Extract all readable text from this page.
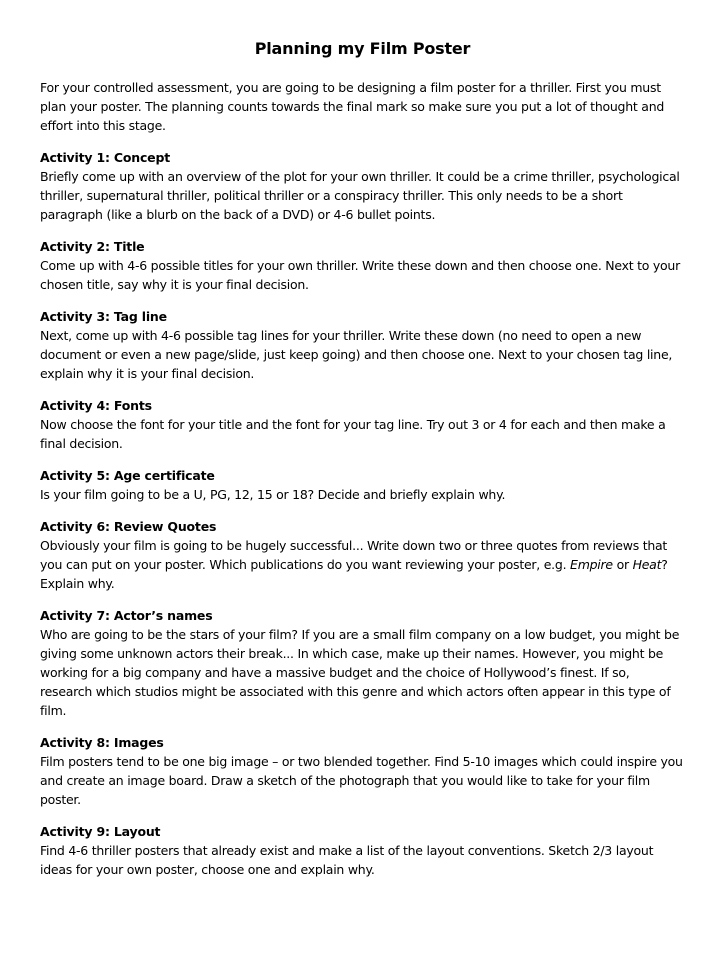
Planning my Film Poster

For your controlled assessment, you are going to be designing a film poster for a thriller. First you must plan your poster. The planning counts towards the final mark so make sure you put a lot of thought and effort into this stage.

Activity 1: Concept

Briefly come up with an overview of the plot for your own thriller. It could be a crime thriller, psychological thriller, supernatural thriller, political thriller or a conspiracy thriller. This only needs to be a short paragraph (like a blurb on the back of a DVD) or 4-6 bullet points.

Activity 2: Title

Come up with 4-6 possible titles for your own thriller. Write these down and then choose one. Next to your chosen title, say why it is your final decision.

Activity 3: Tag line

Next, come up with 4-6 possible tag lines for your thriller. Write these down (no need to open a new document or even a new page/slide, just keep going) and then choose one. Next to your chosen tag line, explain why it is your final decision.

Activity 4: Fonts

Now choose the font for your title and the font for your tag line. Try out 3 or 4 for each and then make a final decision.

Activity 5: Age certificate

Is your film going to be a U, PG, 12, 15 or 18? Decide and briefly explain why.

Activity 6: Review Quotes

Obviously your film is going to be hugely successful... Write down two or three quotes from reviews that you can put on your poster. Which publications do you want reviewing your poster, e.g. Empire or Heat? Explain why.

Activity 7: Actor’s names

Who are going to be the stars of your film? If you are a small film company on a low budget, you might be giving some unknown actors their break... In which case, make up their names. However, you might be working for a big company and have a massive budget and the choice of Hollywood’s finest. If so, research which studios might be associated with this genre and which actors often appear in this type of film.

Activity 8: Images

Film posters tend to be one big image – or two blended together. Find 5-10 images which could inspire you and create an image board. Draw a sketch of the photograph that you would like to take for your film poster.

Activity 9: Layout

Find 4-6 thriller posters that already exist and make a list of the layout conventions. Sketch 2/3 layout ideas for your own poster, choose one and explain why.
